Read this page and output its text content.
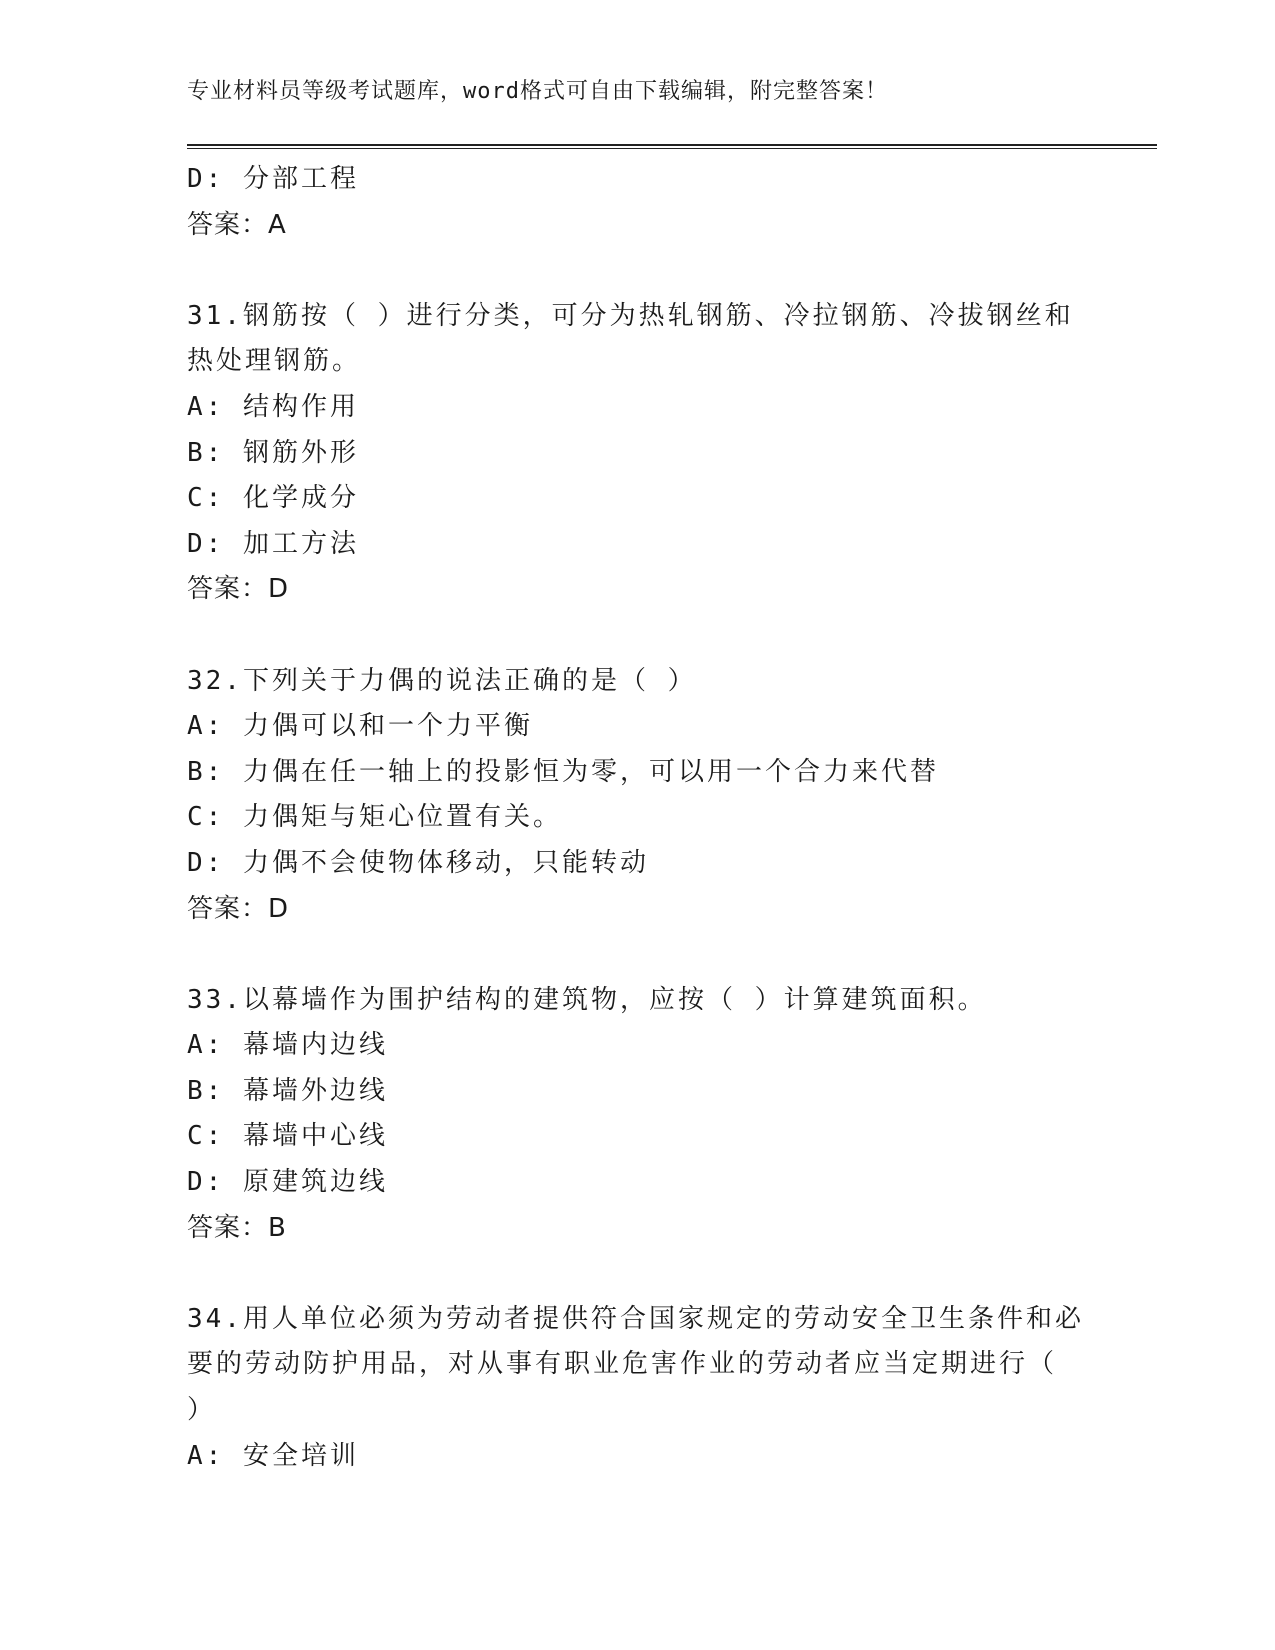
专业材料员等级考试题库，word格式可自由下载编辑，附完整答案！
D: 分部工程
答案：A
31.钢筋按（ ）进行分类，可分为热轧钢筋、冷拉钢筋、冷拔钢丝和
热处理钢筋。
A: 结构作用
B: 钢筋外形
C: 化学成分
D: 加工方法
答案：D
32.下列关于力偶的说法正确的是（ ）
A: 力偶可以和一个力平衡
B: 力偶在任一轴上的投影恒为零，可以用一个合力来代替
C: 力偶矩与矩心位置有关。
D: 力偶不会使物体移动，只能转动
答案：D
33.以幕墙作为围护结构的建筑物，应按（ ）计算建筑面积。
A: 幕墙内边线
B: 幕墙外边线
C: 幕墙中心线
D: 原建筑边线
答案：B
34.用人单位必须为劳动者提供符合国家规定的劳动安全卫生条件和必
要的劳动防护用品，对从事有职业危害作业的劳动者应当定期进行（
）
A: 安全培训
